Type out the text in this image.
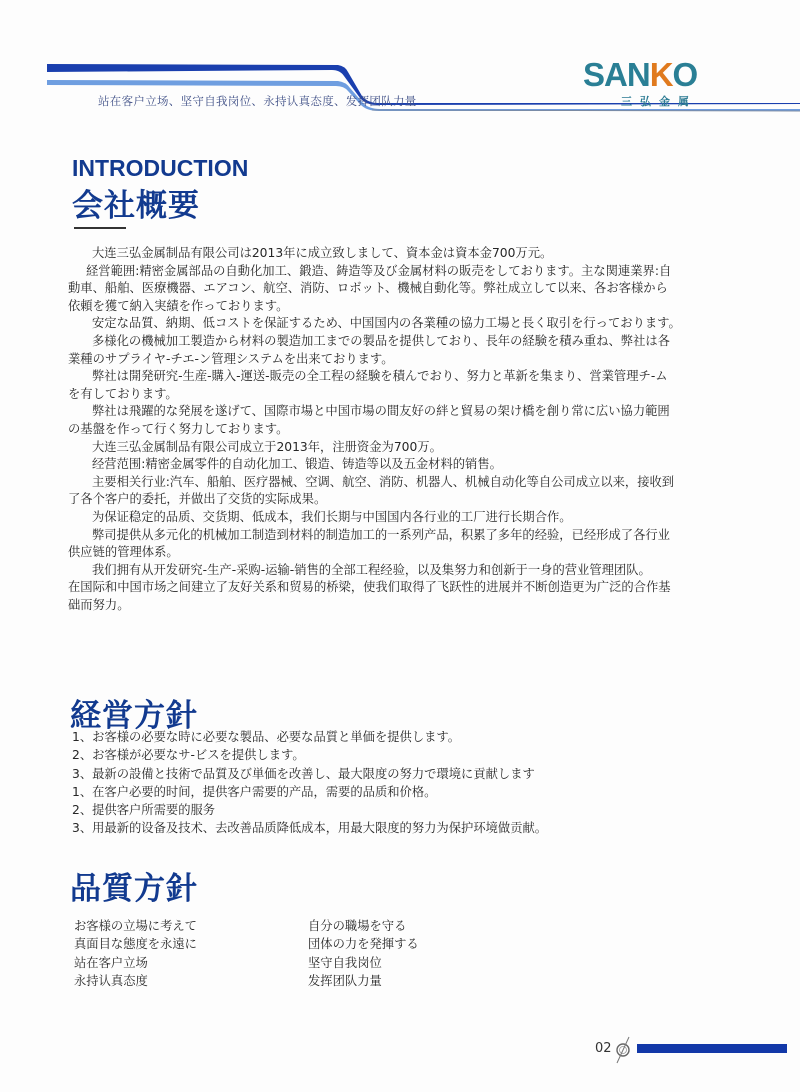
站在客户立场、坚守自我岗位、永持认真态度、发挥团队力量
SANKO
三弘金属
INTRODUCTION
会社概要

大连三弘金属制品有限公司は2013年に成立致しまして、資本金は資本金700万元。

経営範囲:精密金属部品の自動化加工、鍛造、鋳造等及び金属材料の販売をしております。主な関連業界:自

動車、船舶、医療機器、エアコン、航空、消防、ロボット、機械自動化等。弊社成立して以来、各お客様から

依頼を獲て納入実績を作っております。

安定な品質、納期、低コストを保証するため、中国国内の各業種の協力工場と長く取引を行っております。

多様化の機械加工製造から材料の製造加工までの製品を提供しており、長年の経験を積み重ね、弊社は各

業種のサプライヤ-チエ-ン管理システムを出来ております。

弊社は開発研究-生産-購入-運送-販売の全工程の経験を積んでおり、努力と革新を集まり、営業管理チ-ム

を有しております。

弊社は飛躍的な発展を遂げて、国際市場と中国市場の間友好の絆と貿易の架け橋を創り常に広い協力範囲

の基盤を作って行く努力しております。

大连三弘金属制品有限公司成立于2013年，注册资金为700万。

经营范围:精密金属零件的自动化加工、锻造、铸造等以及五金材料的销售。

主要相关行业:汽车、船舶、医疗器械、空调、航空、消防、机器人、机械自动化等自公司成立以来，接收到

了各个客户的委托，并做出了交货的实际成果。

为保证稳定的品质、交货期、低成本，我们长期与中国国内各行业的工厂进行长期合作。

弊司提供从多元化的机械加工制造到材料的制造加工的一系列产品，积累了多年的经验，已经形成了各行业

供应链的管理体系。

我们拥有从开发研究-生产-采购-运输-销售的全部工程经验，以及集努力和创新于一身的营业管理团队。

在国际和中国市场之间建立了友好关系和贸易的桥梁，使我们取得了飞跃性的进展并不断创造更为广泛的合作基

础而努力。

経営方針

1、お客様の必要な時に必要な製品、必要な品質と単価を提供します。

2、お客様が必要なサ-ビスを提供します。

3、最新の設備と技術で品質及び単価を改善し、最大限度の努力で環境に貢献します

1、在客户必要的时间，提供客户需要的产品，需要的品质和价格。

2、提供客户所需要的服务

3、用最新的设备及技术、去改善品质降低成本，用最大限度的努力为保护环境做贡献。

品質方針

お客様の立場に考えて

真面目な態度を永遠に

站在客户立场

永持认真态度

自分の職場を守る

団体の力を発揮する

坚守自我岗位

发挥团队力量

02
